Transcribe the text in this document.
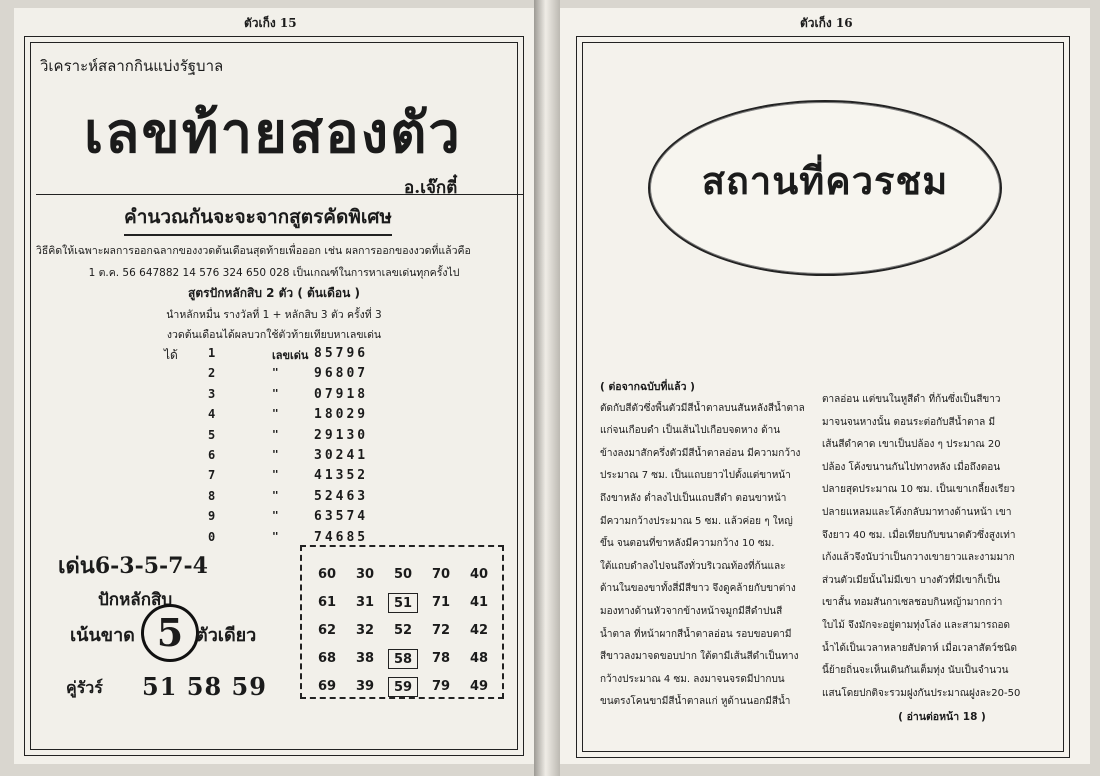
ตัวเก็ง 15
วิเคราะห์สลากกินแบ่งรัฐบาล
เลขท้ายสองตัว
อ.เจ๊กตี๋
คำนวณกันจะจะจากสูตรคัดพิเศษ
วิธีคิดให้เฉพาะผลการออกฉลากของงวดต้นเดือนสุดท้ายเพื่อออก เช่น ผลการออกของงวดที่แล้วคือ
1 ต.ค. 56 647882 14 576 324 650 028 เป็นเกณฑ์ในการหาเลขเด่นทุกครั้งไป
สูตรปักหลักสิบ 2 ตัว ( ต้นเดือน )
นำหลักหมื่น รางวัลที่ 1 + หลักสิบ 3 ตัว ครั้งที่ 3
งวดต้นเดือนได้ผลบวกใช้ตัวท้ายเทียบหาเลขเด่น
ได้	1	เลขเด่น 85796
2	"	96807
3	"	07918
4	"	18029
5	"	29130
6	"	30241
7	"	41352
8	"	52463
9	"	63574
0	"	74685
เด่น6-3-5-7-4
ปักหลักสิบ
เน้นขาด 5 ตัวเดียว
คู่รัวร์ 51 58 59
60	30	50	70	40
61	31	51	71	41
62	32	52	72	42
68	38	58	78	48
69	39	59	79	49
ตัวเก็ง 16
สถานที่ควรชม
( ต่อจากฉบับที่แล้ว )
ตัดกับสีตัวซึ่งพื้นตัวมีสีน้ำตาลบนสันหลังสีน้ำตาล
แก่จนเกือบดำ เป็นเส้นไปเกือบจดหาง ด้าน
ข้างลงมาสักครึ่งตัวมีสีน้ำตาลอ่อน มีความกว้าง
ประมาณ 7 ซม. เป็นแถบยาวไปตั้งแต่ขาหน้า
ถึงขาหลัง ต่ำลงไปเป็นแถบสีดำ ตอนขาหน้า
มีความกว้างประมาณ 5 ซม. แล้วค่อย ๆ ใหญ่
ขึ้น จนตอนที่ขาหลังมีความกว้าง 10 ซม.
ใต้แถบดำลงไปจนถึงทั่วบริเวณท้องที่ก้นและ
ด้านในของขาทั้งสี่มีสีขาว จึงดูคล้ายกับขาต่าง
มองทางด้านหัวจากข้างหน้าจมูกมีสีดำปนสี
น้ำตาล ที่หน้าผากสีน้ำตาลอ่อน รอบขอบตามี
สีขาวลงมาจดขอบปาก ใต้ตามีเส้นสีดำเป็นทาง
กว้างประมาณ 4 ซม. ลงมาจนจรดมีปากบน
ขนตรงโคนขามีสีน้ำตาลแก่ หูด้านนอกมีสีน้ำ
ตาลอ่อน แต่ขนในหูสีดำ ที่ก้นซึ่งเป็นสีขาว
มาจนจนหางนั้น ตอนระต่อกับสีน้ำตาล มี
เส้นสีดำคาด เขาเป็นปล้อง ๆ ประมาณ 20
ปล้อง โค้งขนานกันไปทางหลัง เมื่อถึงตอน
ปลายสุดประมาณ 10 ซม. เป็นเขาเกลี้ยงเรียว
ปลายแหลมและโค้งกลับมาทางด้านหน้า เขา
จึงยาว 40 ซม. เมื่อเทียบกับขนาดตัวซึ่งสูงเท่า
เก้งแล้วจึงนับว่าเป็นกวางเขายาวและงามมาก
ส่วนตัวเมียนั้นไม่มีเขา บางตัวที่มีเขาก็เป็น
เขาสั้น ทอมสันกาเซลชอบกินหญ้ามากกว่า
ใบไม้ จึงมักจะอยู่ตามทุ่งโล่ง และสามารถอด
น้ำได้เป็นเวลาหลายสัปดาห์ เมื่อเวลาสัตว์ชนิด
นี้ย้ายถิ่นจะเห็นเดินกันเต็มทุ่ง นับเป็นจำนวน
แสนโดยปกติจะรวมฝูงกันประมาณฝูงละ20-50
( อ่านต่อหน้า 18 )
